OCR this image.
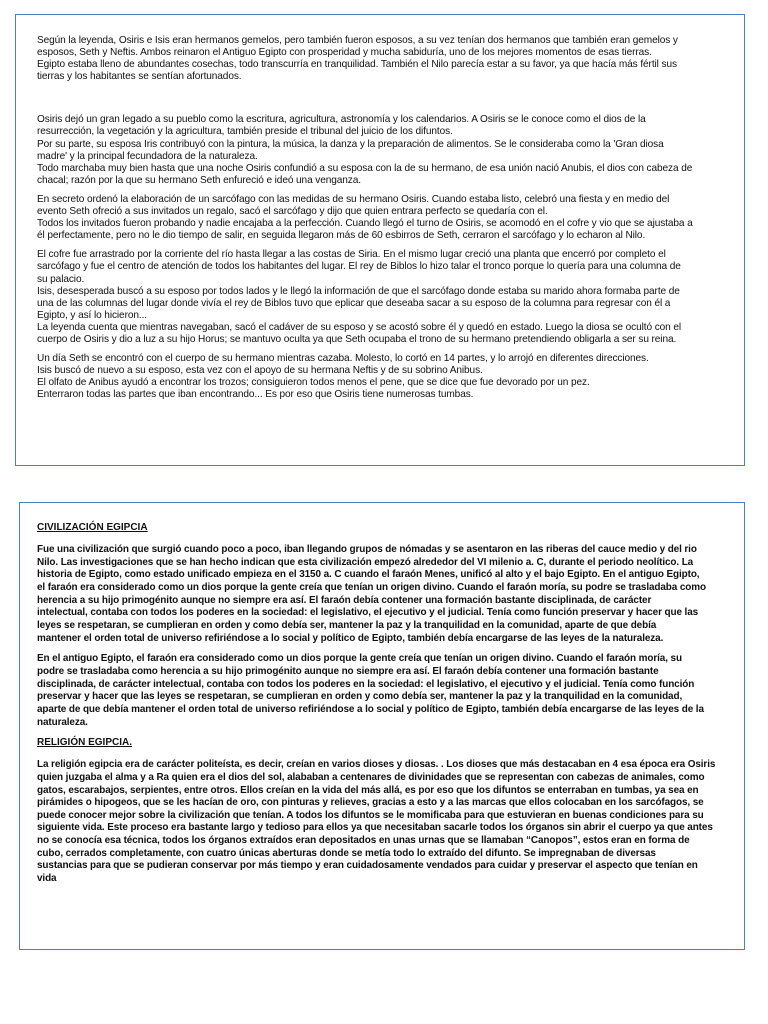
Según la leyenda, Osiris e Isis eran hermanos gemelos, pero también fueron esposos, a su vez tenían dos hermanos que también eran gemelos y

esposos, Seth y Neftis. Ambos reinaron el Antiguo Egipto con prosperidad y mucha sabiduría, uno de los mejores momentos de esas tierras.

Egipto estaba lleno de abundantes cosechas, todo transcurría en tranquilidad. También el Nilo parecía estar a su favor, ya que hacía más fértil sus

tierras y los habitantes se sentían afortunados.

Osiris dejó un gran legado a su pueblo como la escritura, agricultura, astronomía y los calendarios. A Osiris se le conoce como el dios de la

resurrección, la vegetación y la agricultura, también preside el tribunal del juicio de los difuntos.

Por su parte, su esposa Iris contribuyó con la pintura, la música, la danza y la preparación de alimentos. Se le consideraba como la 'Gran diosa

madre' y la principal fecundadora de la naturaleza.

Todo marchaba muy bien hasta que una noche Osiris confundió a su esposa con la de su hermano, de esa unión nació Anubis, el dios con cabeza de

chacal; razón por la que su hermano Seth enfureció e ideó una venganza.

En secreto ordenó la elaboración de un sarcófago con las medidas de su hermano Osiris. Cuando estaba listo, celebró una fiesta y en medio del

evento Seth ofreció a sus invitados un regalo, sacó el sarcófago y dijo que quien entrara perfecto se quedaría con el.

Todos los invitados fueron probando y nadie encajaba a la perfección. Cuando llegó el turno de Osiris, se acomodó en el cofre y vio que se ajustaba a

él perfectamente, pero no le dio tiempo de salir, en seguida llegaron más de 60 esbirros de Seth, cerraron el sarcófago y lo echaron al Nilo.

El cofre fue arrastrado por la corriente del río hasta llegar a las costas de Siria. En el mismo lugar creció una planta que encerró por completo el

sarcófago y fue el centro de atención de todos los habitantes del lugar. El rey de Biblos lo hizo talar el tronco porque lo quería para una columna de

su palacio.

Isis, desesperada buscó a su esposo por todos lados y le llegó la información de que el sarcófago donde estaba su marido ahora formaba parte de

una de las columnas del lugar donde vivía el rey de Biblos tuvo que eplicar que deseaba sacar a su esposo de la columna para regresar con él a

Egipto, y así lo hicieron...

La leyenda cuenta que mientras navegaban, sacó el cadáver de su esposo y se acostó sobre él y quedó en estado. Luego la diosa se ocultó con el

cuerpo de Osiris y dio a luz a su hijo Horus; se mantuvo oculta ya que Seth ocupaba el trono de su hermano pretendiendo obligarla a ser su reina.

Un día Seth se encontró con el cuerpo de su hermano mientras cazaba. Molesto, lo cortó en 14 partes, y lo arrojó en diferentes direcciones.

Isis buscó de nuevo a su esposo, esta vez con el apoyo de su hermana Neftis y de su sobrino Anibus.

El olfato de Anibus ayudó a encontrar los trozos; consiguieron todos menos el pene, que se dice que fue devorado por un pez.

Enterraron todas las partes que iban encontrando... Es por eso que Osiris tiene numerosas tumbas.

CIVILIZACIÓN EGIPCIA

Fue una civilización que surgió cuando poco a poco, iban llegando grupos de nómadas y se asentaron en las riberas del cauce medio y del rio

Nilo. Las investigaciones que se han hecho indican que esta civilización empezó alrededor del VI milenio a. C, durante el periodo neolítico. La

historia de Egipto, como estado unificado empieza en el 3150 a. C cuando el faraón Menes, unificó al alto y el bajo Egipto. En el antiguo Egipto,

el faraón era considerado como un dios porque la gente creía que tenían un origen divino. Cuando el faraón moría, su podre se trasladaba como

herencia a su hijo primogénito aunque no siempre era así. El faraón debía contener una formación bastante disciplinada, de carácter

intelectual, contaba con todos los poderes en la sociedad: el legislativo, el ejecutivo y el judicial. Tenía como función preservar y hacer que las

leyes se respetaran, se cumplieran en orden y como debía ser, mantener la paz y la tranquilidad en la comunidad, aparte de que debía

mantener el orden total de universo refiriéndose a lo social y político de Egipto, también debía encargarse de las leyes de la naturaleza.

En el antiguo Egipto, el faraón era considerado como un dios porque la gente creía que tenían un origen divino. Cuando el faraón moría, su

podre se trasladaba como herencia a su hijo primogénito aunque no siempre era así. El faraón debía contener una formación bastante

disciplinada, de carácter intelectual, contaba con todos los poderes en la sociedad: el legislativo, el ejecutivo y el judicial. Tenía como función

preservar y hacer que las leyes se respetaran, se cumplieran en orden y como debía ser, mantener la paz y la tranquilidad en la comunidad,

aparte de que debía mantener el orden total de universo refiriéndose a lo social y político de Egipto, también debía encargarse de las leyes de la

naturaleza.

RELIGIÓN EGIPCIA.

La religión egipcia era de carácter politeísta, es decir, creían en varios dioses y diosas. . Los dioses que más destacaban en 4 esa época era Osiris

quien juzgaba el alma y a Ra quien era el dios del sol, alababan a centenares de divinidades que se representan con cabezas de animales, como

gatos, escarabajos, serpientes, entre otros. Ellos creían en la vida del más allá, es por eso que los difuntos se enterraban en tumbas, ya sea en

pirámides o hipogeos, que se les hacían de oro, con pinturas y relieves, gracias a esto y a las marcas que ellos colocaban en los sarcófagos, se

puede conocer mejor sobre la civilización que tenían. A todos los difuntos se le momificaba para que estuvieran en buenas condiciones para su

siguiente vida. Este proceso era bastante largo y tedioso para ellos ya que necesitaban sacarle todos los órganos sin abrir el cuerpo ya que antes

no se conocía esa técnica, todos los órganos extraídos eran depositados en unas urnas que se llamaban “Canopos”, estos eran en forma de

cubo, cerrados completamente, con cuatro únicas aberturas donde se metía todo lo extraído del difunto. Se impregnaban de diversas

sustancias para que se pudieran conservar por más tiempo y eran cuidadosamente vendados para cuidar y preservar el aspecto que tenían en

vida
